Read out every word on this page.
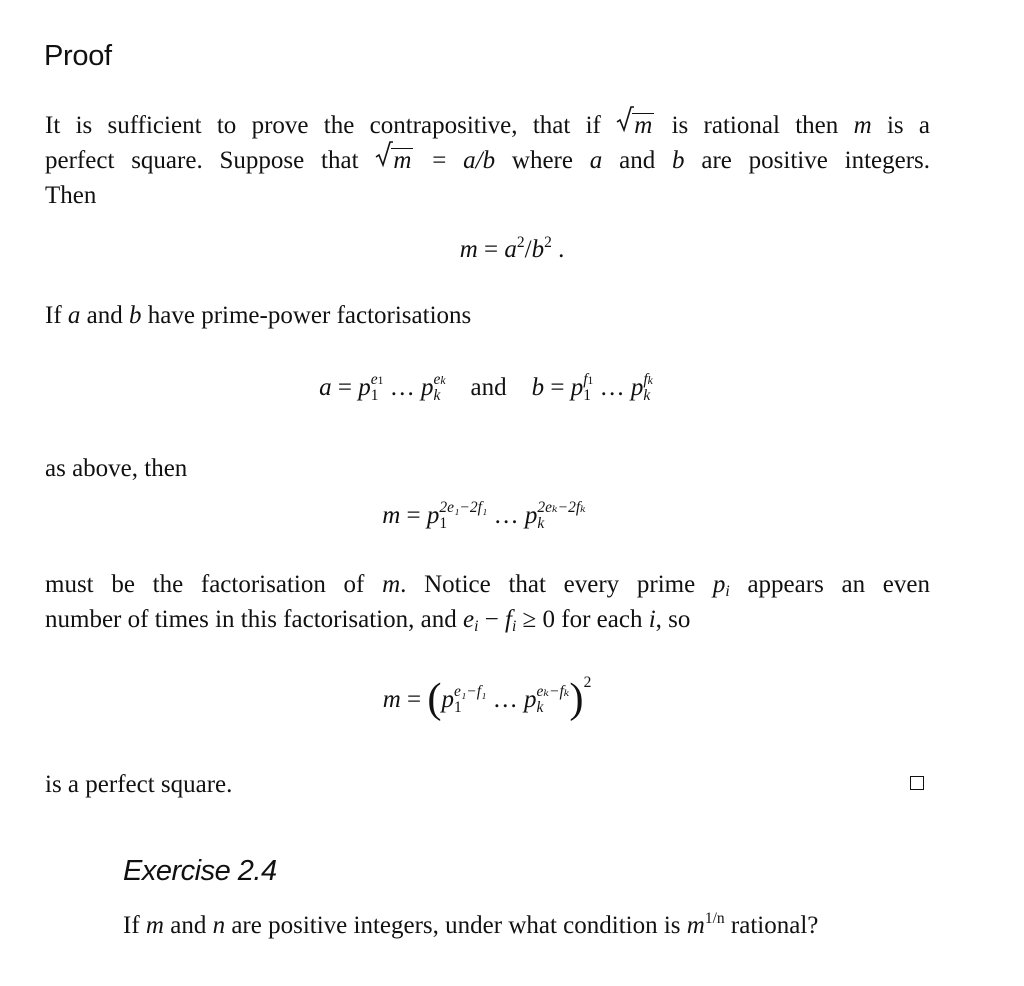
Proof
It is sufficient to prove the contrapositive, that if m is rational then m is a
perfect square. Suppose that m = a/b where a and b are positive integers.
Then
$m = a^2/b^2$ .
If a and b have prime-power factorisations
a = p e1
1 … p ek
k and b = p f1
1 … p fk
k
as above, then
m = p 2e₁−2f₁
1	… p 2eₖ−2fₖ
k
must be the factorisation of m. Notice that every prime $p_i$ appears an even
number of times in this factorisation, and $e_i - f_i \ge 0$ for each i, so
m = (p e₁−f₁
1	… p eₖ−fₖ
k )$^2$
is a perfect square.
Exercise 2.4
If m and n are positive integers, under what condition is $m^{1/n}$ rational?
